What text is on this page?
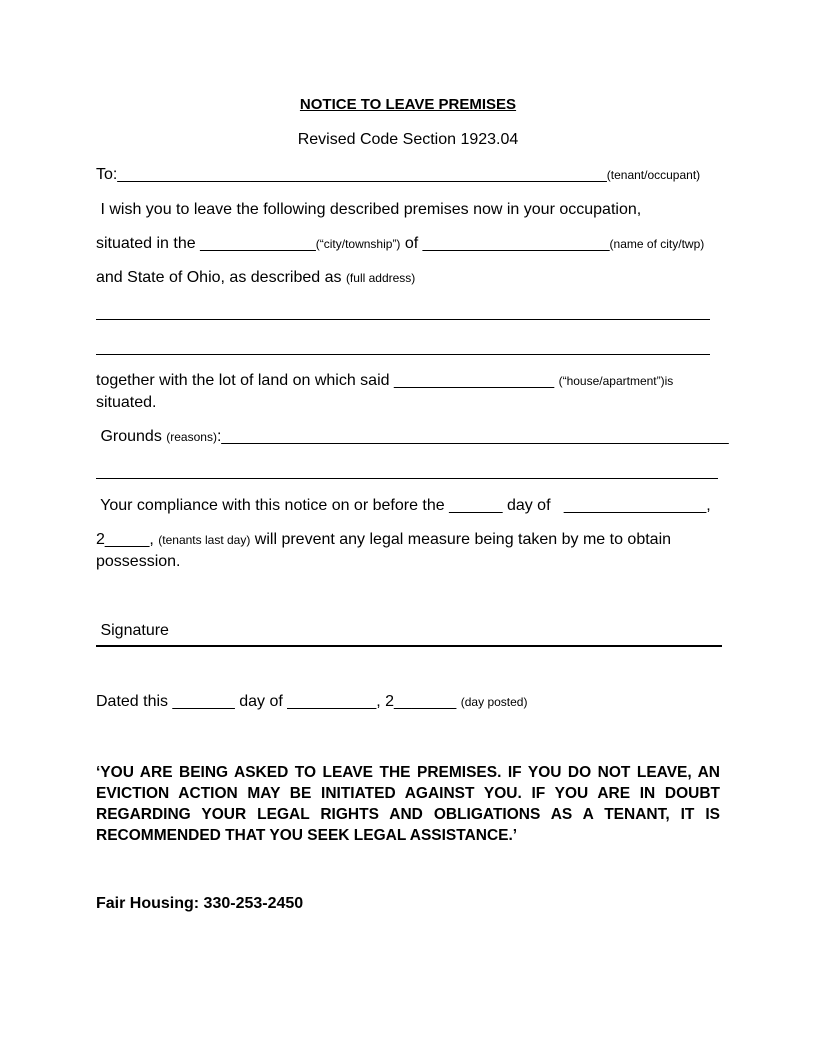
NOTICE TO LEAVE PREMISES
Revised Code Section 1923.04
To:_______________________________________________________(tenant/occupant)
I wish you to leave the following described premises now in your occupation,
situated in the _____________(“city/township”) of _____________________(name of city/twp)
and State of Ohio, as described as (full address)
together with the lot of land on which said __________________ (“house/apartment”)is
situated.
Grounds (reasons):_________________________________________________________
Your compliance with this notice on or before the ______ day of   ________________,
2_____, (tenants last day) will prevent any legal measure being taken by me to obtain
possession.
Signature
Dated this _______ day of __________, 2_______ (day posted)
‘YOU ARE BEING ASKED TO LEAVE THE PREMISES. IF YOU DO NOT LEAVE, AN EVICTION ACTION MAY BE INITIATED AGAINST YOU. IF YOU ARE IN DOUBT REGARDING YOUR LEGAL RIGHTS AND OBLIGATIONS AS A TENANT, IT IS RECOMMENDED THAT YOU SEEK LEGAL ASSISTANCE.’
Fair Housing: 330-253-2450
